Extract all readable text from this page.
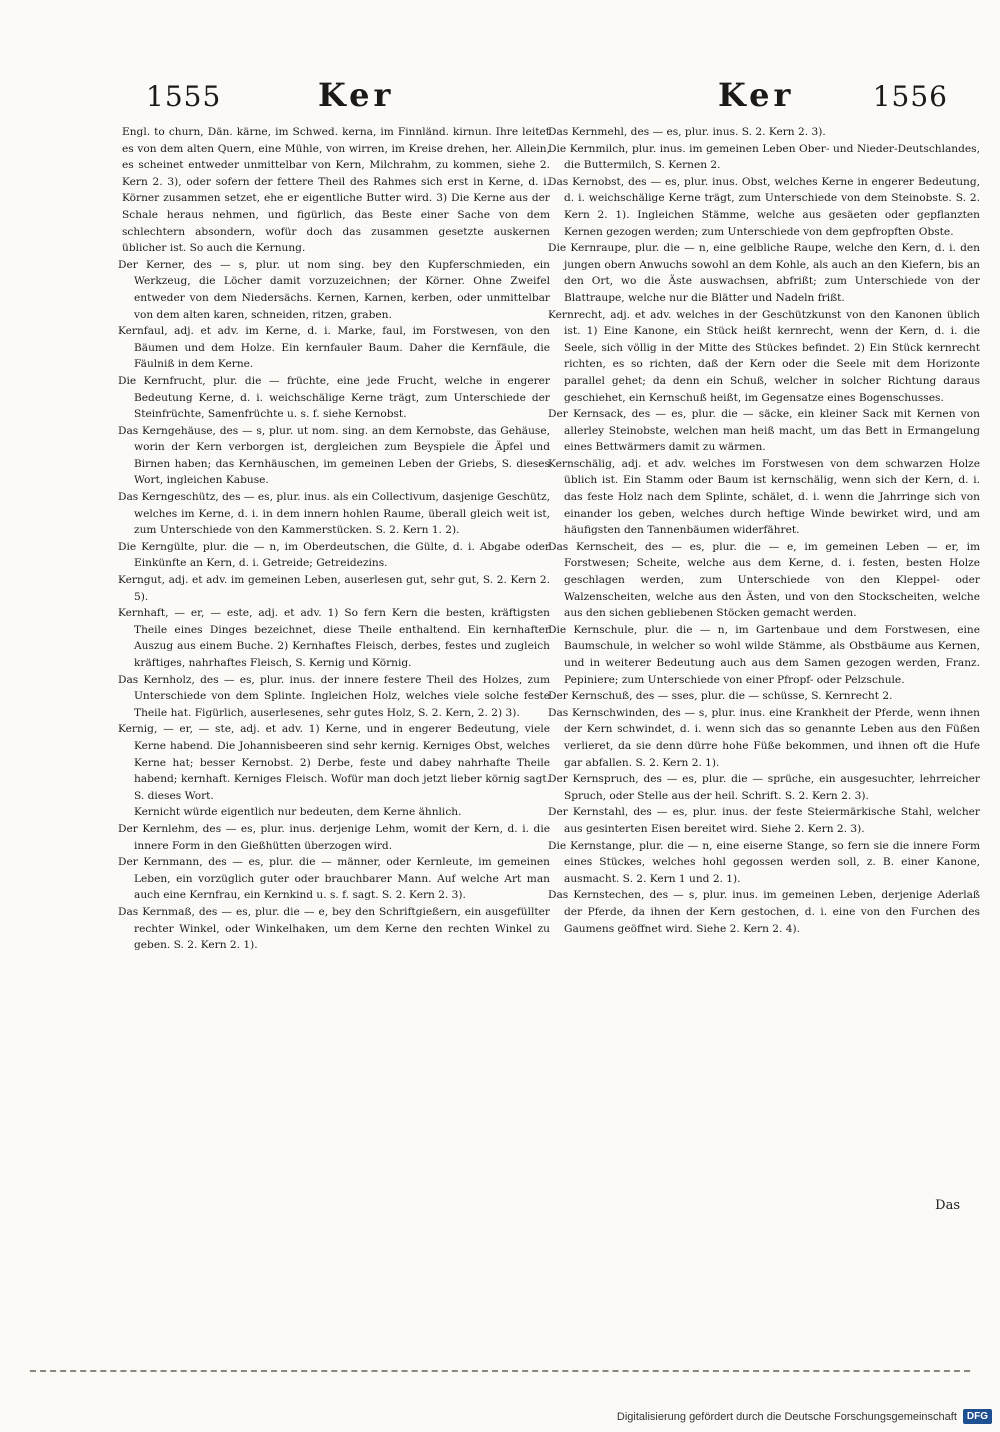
1555	Ker	Ker	1556

Engl. to churn, Dän. kärne, im Schwed. kerna, im Finnländ. kirnun. Ihre leitet es von dem alten Quern, eine Mühle, von wirren, im Kreise drehen, her. Allein, es scheinet entweder unmittelbar von Kern, Milchrahm, zu kommen, siehe 2. Kern 2. 3), oder sofern der fettere Theil des Rahmes sich erst in Kerne, d. i. Körner zusammen setzet, ehe er eigentliche Butter wird. 3) Die Kerne aus der Schale heraus nehmen, und figürlich, das Beste einer Sache von dem schlechtern absondern, wofür doch das zusammen gesetzte auskernen üblicher ist. So auch die Kernung.

Der Kerner, des — s, plur. ut nom sing. bey den Kupferschmieden, ein Werkzeug, die Löcher damit vorzuzeichnen; der Körner. Ohne Zweifel entweder von dem Niedersächs. Kernen, Karnen, kerben, oder unmittelbar von dem alten karen, schneiden, ritzen, graben.

Kernfaul, adj. et adv. im Kerne, d. i. Marke, faul, im Forstwesen, von den Bäumen und dem Holze. Ein kernfauler Baum. Daher die Kernfäule, die Fäulniß in dem Kerne.

Die Kernfrucht, plur. die — früchte, eine jede Frucht, welche in engerer Bedeutung Kerne, d. i. weichschälige Kerne trägt, zum Unterschiede der Steinfrüchte, Samenfrüchte u. s. f. siehe Kernobst.

Das Kerngehäuse, des — s, plur. ut nom. sing. an dem Kernobste, das Gehäuse, worin der Kern verborgen ist, dergleichen zum Beyspiele die Äpfel und Birnen haben; das Kernhäuschen, im gemeinen Leben der Griebs, S. dieses Wort, ingleichen Kabuse.

Das Kerngeschütz, des — es, plur. inus. als ein Collectivum, dasjenige Geschütz, welches im Kerne, d. i. in dem innern hohlen Raume, überall gleich weit ist, zum Unterschiede von den Kammerstücken. S. 2. Kern 1. 2).

Die Kerngülte, plur. die — n, im Oberdeutschen, die Gülte, d. i. Abgabe oder Einkünfte an Kern, d. i. Getreide; Getreidezins.

Kerngut, adj. et adv. im gemeinen Leben, auserlesen gut, sehr gut, S. 2. Kern 2. 5).

Kernhaft, — er, — este, adj. et adv. 1) So fern Kern die besten, kräftigsten Theile eines Dinges bezeichnet, diese Theile enthaltend. Ein kernhafter Auszug aus einem Buche. 2) Kernhaftes Fleisch, derbes, festes und zugleich kräftiges, nahrhaftes Fleisch, S. Kernig und Körnig.

Das Kernholz, des — es, plur. inus. der innere festere Theil des Holzes, zum Unterschiede von dem Splinte. Ingleichen Holz, welches viele solche feste Theile hat. Figürlich, auserlesenes, sehr gutes Holz, S. 2. Kern, 2. 2) 3).

Kernig, — er, — ste, adj. et adv. 1) Kerne, und in engerer Bedeutung, viele Kerne habend. Die Johannisbeeren sind sehr kernig. Kerniges Obst, welches Kerne hat; besser Kernobst. 2) Derbe, feste und dabey nahrhafte Theile habend; kernhaft. Kerniges Fleisch. Wofür man doch jetzt lieber körnig sagt. S. dieses Wort.

Kernicht würde eigentlich nur bedeuten, dem Kerne ähnlich.

Der Kernlehm, des — es, plur. inus. derjenige Lehm, womit der Kern, d. i. die innere Form in den Gießhütten überzogen wird.

Der Kernmann, des — es, plur. die — männer, oder Kernleute, im gemeinen Leben, ein vorzüglich guter oder brauchbarer Mann. Auf welche Art man auch eine Kernfrau, ein Kernkind u. s. f. sagt. S. 2. Kern 2. 3).

Das Kernmaß, des — es, plur. die — e, bey den Schriftgießern, ein ausgefüllter rechter Winkel, oder Winkelhaken, um dem Kerne den rechten Winkel zu geben. S. 2. Kern 2. 1).

Das Kernmehl, des — es, plur. inus. S. 2. Kern 2. 3).

Die Kernmilch, plur. inus. im gemeinen Leben Ober- und Nieder-Deutschlandes, die Buttermilch, S. Kernen 2.

Das Kernobst, des — es, plur. inus. Obst, welches Kerne in engerer Bedeutung, d. i. weichschälige Kerne trägt, zum Unterschiede von dem Steinobste. S. 2. Kern 2. 1). Ingleichen Stämme, welche aus gesäeten oder gepflanzten Kernen gezogen werden; zum Unterschiede von dem gepfropften Obste.

Die Kernraupe, plur. die — n, eine gelbliche Raupe, welche den Kern, d. i. den jungen obern Anwuchs sowohl an dem Kohle, als auch an den Kiefern, bis an den Ort, wo die Äste auswachsen, abfrißt; zum Unterschiede von der Blattraupe, welche nur die Blätter und Nadeln frißt.

Kernrecht, adj. et adv. welches in der Geschützkunst von den Kanonen üblich ist. 1) Eine Kanone, ein Stück heißt kernrecht, wenn der Kern, d. i. die Seele, sich völlig in der Mitte des Stückes befindet. 2) Ein Stück kernrecht richten, es so richten, daß der Kern oder die Seele mit dem Horizonte parallel gehet; da denn ein Schuß, welcher in solcher Richtung daraus geschiehet, ein Kernschuß heißt, im Gegensatze eines Bogenschusses.

Der Kernsack, des — es, plur. die — säcke, ein kleiner Sack mit Kernen von allerley Steinobste, welchen man heiß macht, um das Bett in Ermangelung eines Bettwärmers damit zu wärmen.

Kernschälig, adj. et adv. welches im Forstwesen von dem schwarzen Holze üblich ist. Ein Stamm oder Baum ist kernschälig, wenn sich der Kern, d. i. das feste Holz nach dem Splinte, schälet, d. i. wenn die Jahrringe sich von einander los geben, welches durch heftige Winde bewirket wird, und am häufigsten den Tannenbäumen widerfähret.

Das Kernscheit, des — es, plur. die — e, im gemeinen Leben — er, im Forstwesen; Scheite, welche aus dem Kerne, d. i. festen, besten Holze geschlagen werden, zum Unterschiede von den Kleppel- oder Walzenscheiten, welche aus den Ästen, und von den Stockscheiten, welche aus den sichen gebliebenen Stöcken gemacht werden.

Die Kernschule, plur. die — n, im Gartenbaue und dem Forstwesen, eine Baumschule, in welcher so wohl wilde Stämme, als Obstbäume aus Kernen, und in weiterer Bedeutung auch aus dem Samen gezogen werden, Franz. Pepiniere; zum Unterschiede von einer Pfropf- oder Pelzschule.

Der Kernschuß, des — sses, plur. die — schüsse, S. Kernrecht 2.

Das Kernschwinden, des — s, plur. inus. eine Krankheit der Pferde, wenn ihnen der Kern schwindet, d. i. wenn sich das so genannte Leben aus den Füßen verlieret, da sie denn dürre hohe Füße bekommen, und ihnen oft die Hufe gar abfallen. S. 2. Kern 2. 1).

Der Kernspruch, des — es, plur. die — sprüche, ein ausgesuchter, lehrreicher Spruch, oder Stelle aus der heil. Schrift. S. 2. Kern 2. 3).

Der Kernstahl, des — es, plur. inus. der feste Steiermärkische Stahl, welcher aus gesinterten Eisen bereitet wird. Siehe 2. Kern 2. 3).

Die Kernstange, plur. die — n, eine eiserne Stange, so fern sie die innere Form eines Stückes, welches hohl gegossen werden soll, z. B. einer Kanone, ausmacht. S. 2. Kern 1 und 2. 1).

Das Kernstechen, des — s, plur. inus. im gemeinen Leben, derjenige Aderlaß der Pferde, da ihnen der Kern gestochen, d. i. eine von den Furchen des Gaumens geöffnet wird. Siehe 2. Kern 2. 4).

Das
Digitalisierung gefördert durch die Deutsche Forschungsgemeinschaft	DFG
